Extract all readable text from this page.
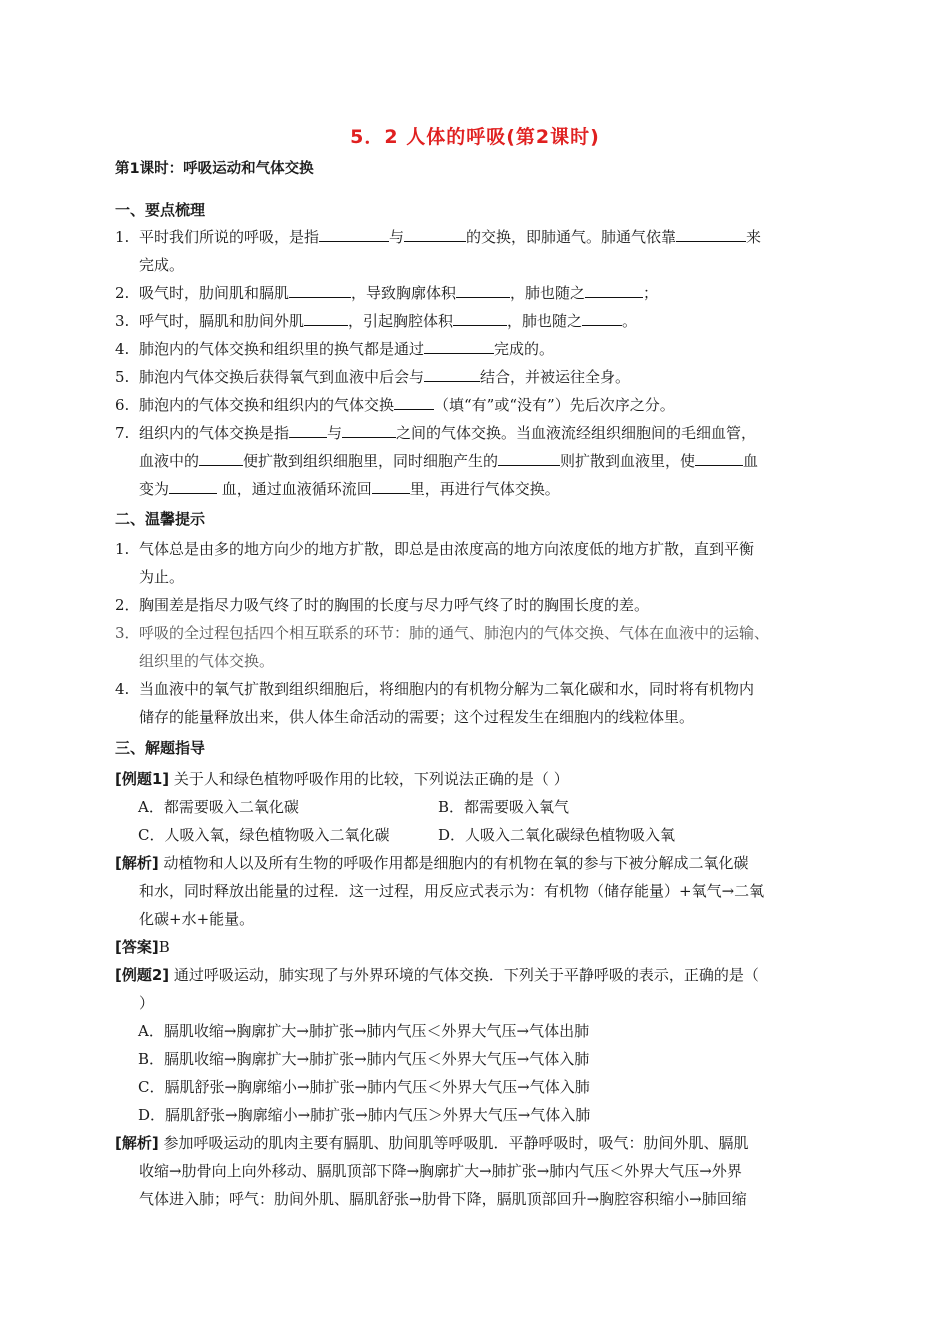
5．2 人体的呼吸(第2课时)
第1课时：呼吸运动和气体交换
一、要点梳理
1. 平时我们所说的呼吸，是指	与	的交换，即肺通气。肺通气依靠	来
完成。
2. 吸气时，肋间肌和膈肌	，导致胸廓体积	，肺也随之	；
3. 呼气时，膈肌和肋间外肌	，引起胸腔体积	，肺也随之	。
4. 肺泡内的气体交换和组织里的换气都是通过	完成的。
5. 肺泡内气体交换后获得氧气到血液中后会与	结合，并被运往全身。
6. 肺泡内的气体交换和组织内的气体交换	（填“有”或“没有”）先后次序之分。
7. 组织内的气体交换是指	与	之间的气体交换。当血液流经组织细胞间的毛细血管，
血液中的	便扩散到组织细胞里，同时细胞产生的	则扩散到血液里，使	血
变为	血，通过血液循环流回	里，再进行气体交换。
二、温馨提示
1. 气体总是由多的地方向少的地方扩散，即总是由浓度高的地方向浓度低的地方扩散，直到平衡
为止。
2．胸围差是指尽力吸气终了时的胸围的长度与尽力呼气终了时的胸围长度的差。
3．呼吸的全过程包括四个相互联系的环节：肺的通气、肺泡内的气体交换、气体在血液中的运输、
组织里的气体交换。
4. 当血液中的氧气扩散到组织细胞后，将细胞内的有机物分解为二氧化碳和水，同时将有机物内
储存的能量释放出来，供人体生命活动的需要；这个过程发生在细胞内的线粒体里。
三、解题指导
[例题1] 关于人和绿色植物呼吸作用的比较，下列说法正确的是（ ）
A．都需要吸入二氧化碳	B．都需要吸入氧气
C．人吸入氧，绿色植物吸入二氧化碳	D．人吸入二氧化碳绿色植物吸入氧
[解析] 动植物和人以及所有生物的呼吸作用都是细胞内的有机物在氧的参与下被分解成二氧化碳
和水，同时释放出能量的过程．这一过程，用反应式表示为：有机物（储存能量）+氧气→二氧
化碳+水+能量。
[答案]B
[例题2] 通过呼吸运动，肺实现了与外界环境的气体交换．下列关于平静呼吸的表示，正确的是（
）
A．膈肌收缩→胸廓扩大→肺扩张→肺内气压＜外界大气压→气体出肺
B．膈肌收缩→胸廓扩大→肺扩张→肺内气压＜外界大气压→气体入肺
C．膈肌舒张→胸廓缩小→肺扩张→肺内气压＜外界大气压→气体入肺
D．膈肌舒张→胸廓缩小→肺扩张→肺内气压＞外界大气压→气体入肺
[解析] 参加呼吸运动的肌肉主要有膈肌、肋间肌等呼吸肌．平静呼吸时，吸气：肋间外肌、膈肌
收缩→肋骨向上向外移动、膈肌顶部下降→胸廓扩大→肺扩张→肺内气压＜外界大气压→外界
气体进入肺；呼气：肋间外肌、膈肌舒张→肋骨下降，膈肌顶部回升→胸腔容积缩小→肺回缩
